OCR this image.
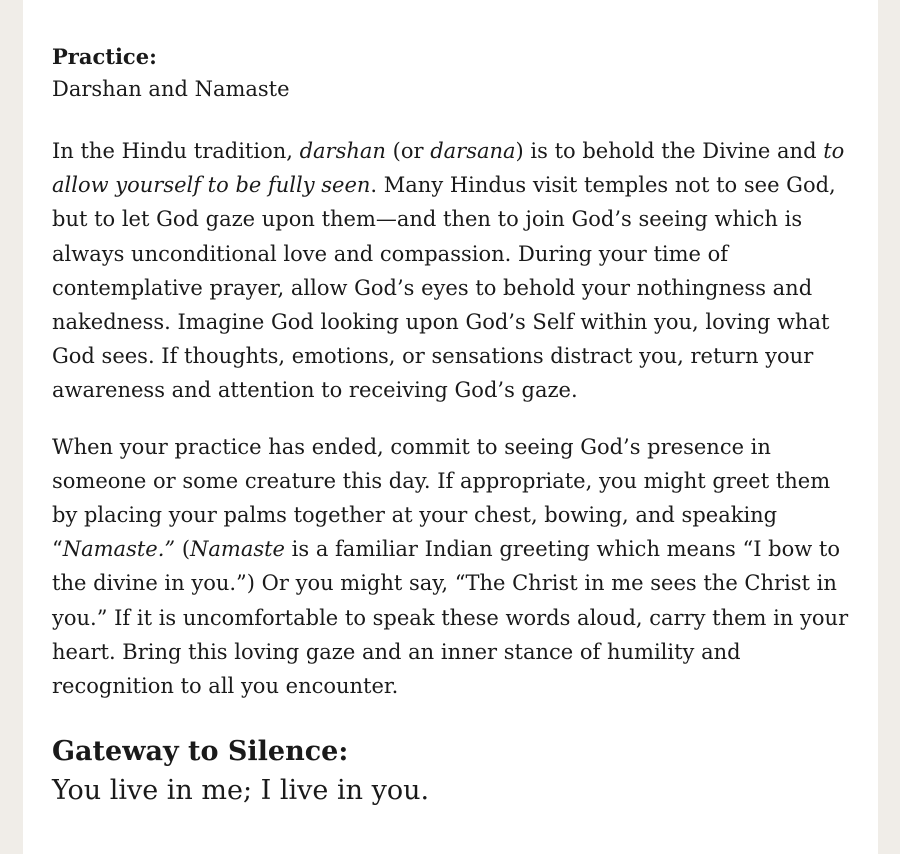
Practice:
Darshan and Namaste

In the Hindu tradition, darshan (or darsana) is to behold the Divine and to allow yourself to be fully seen. Many Hindus visit temples not to see God, but to let God gaze upon them—and then to join God’s seeing which is always unconditional love and compassion. During your time of contemplative prayer, allow God’s eyes to behold your nothingness and nakedness. Imagine God looking upon God’s Self within you, loving what God sees. If thoughts, emotions, or sensations distract you, return your awareness and attention to receiving God’s gaze.

When your practice has ended, commit to seeing God’s presence in someone or some creature this day. If appropriate, you might greet them by placing your palms together at your chest, bowing, and speaking “Namaste.” (Namaste is a familiar Indian greeting which means “I bow to the divine in you.”) Or you might say, “The Christ in me sees the Christ in you.” If it is uncomfortable to speak these words aloud, carry them in your heart. Bring this loving gaze and an inner stance of humility and recognition to all you encounter.

Gateway to Silence:
You live in me; I live in you.
